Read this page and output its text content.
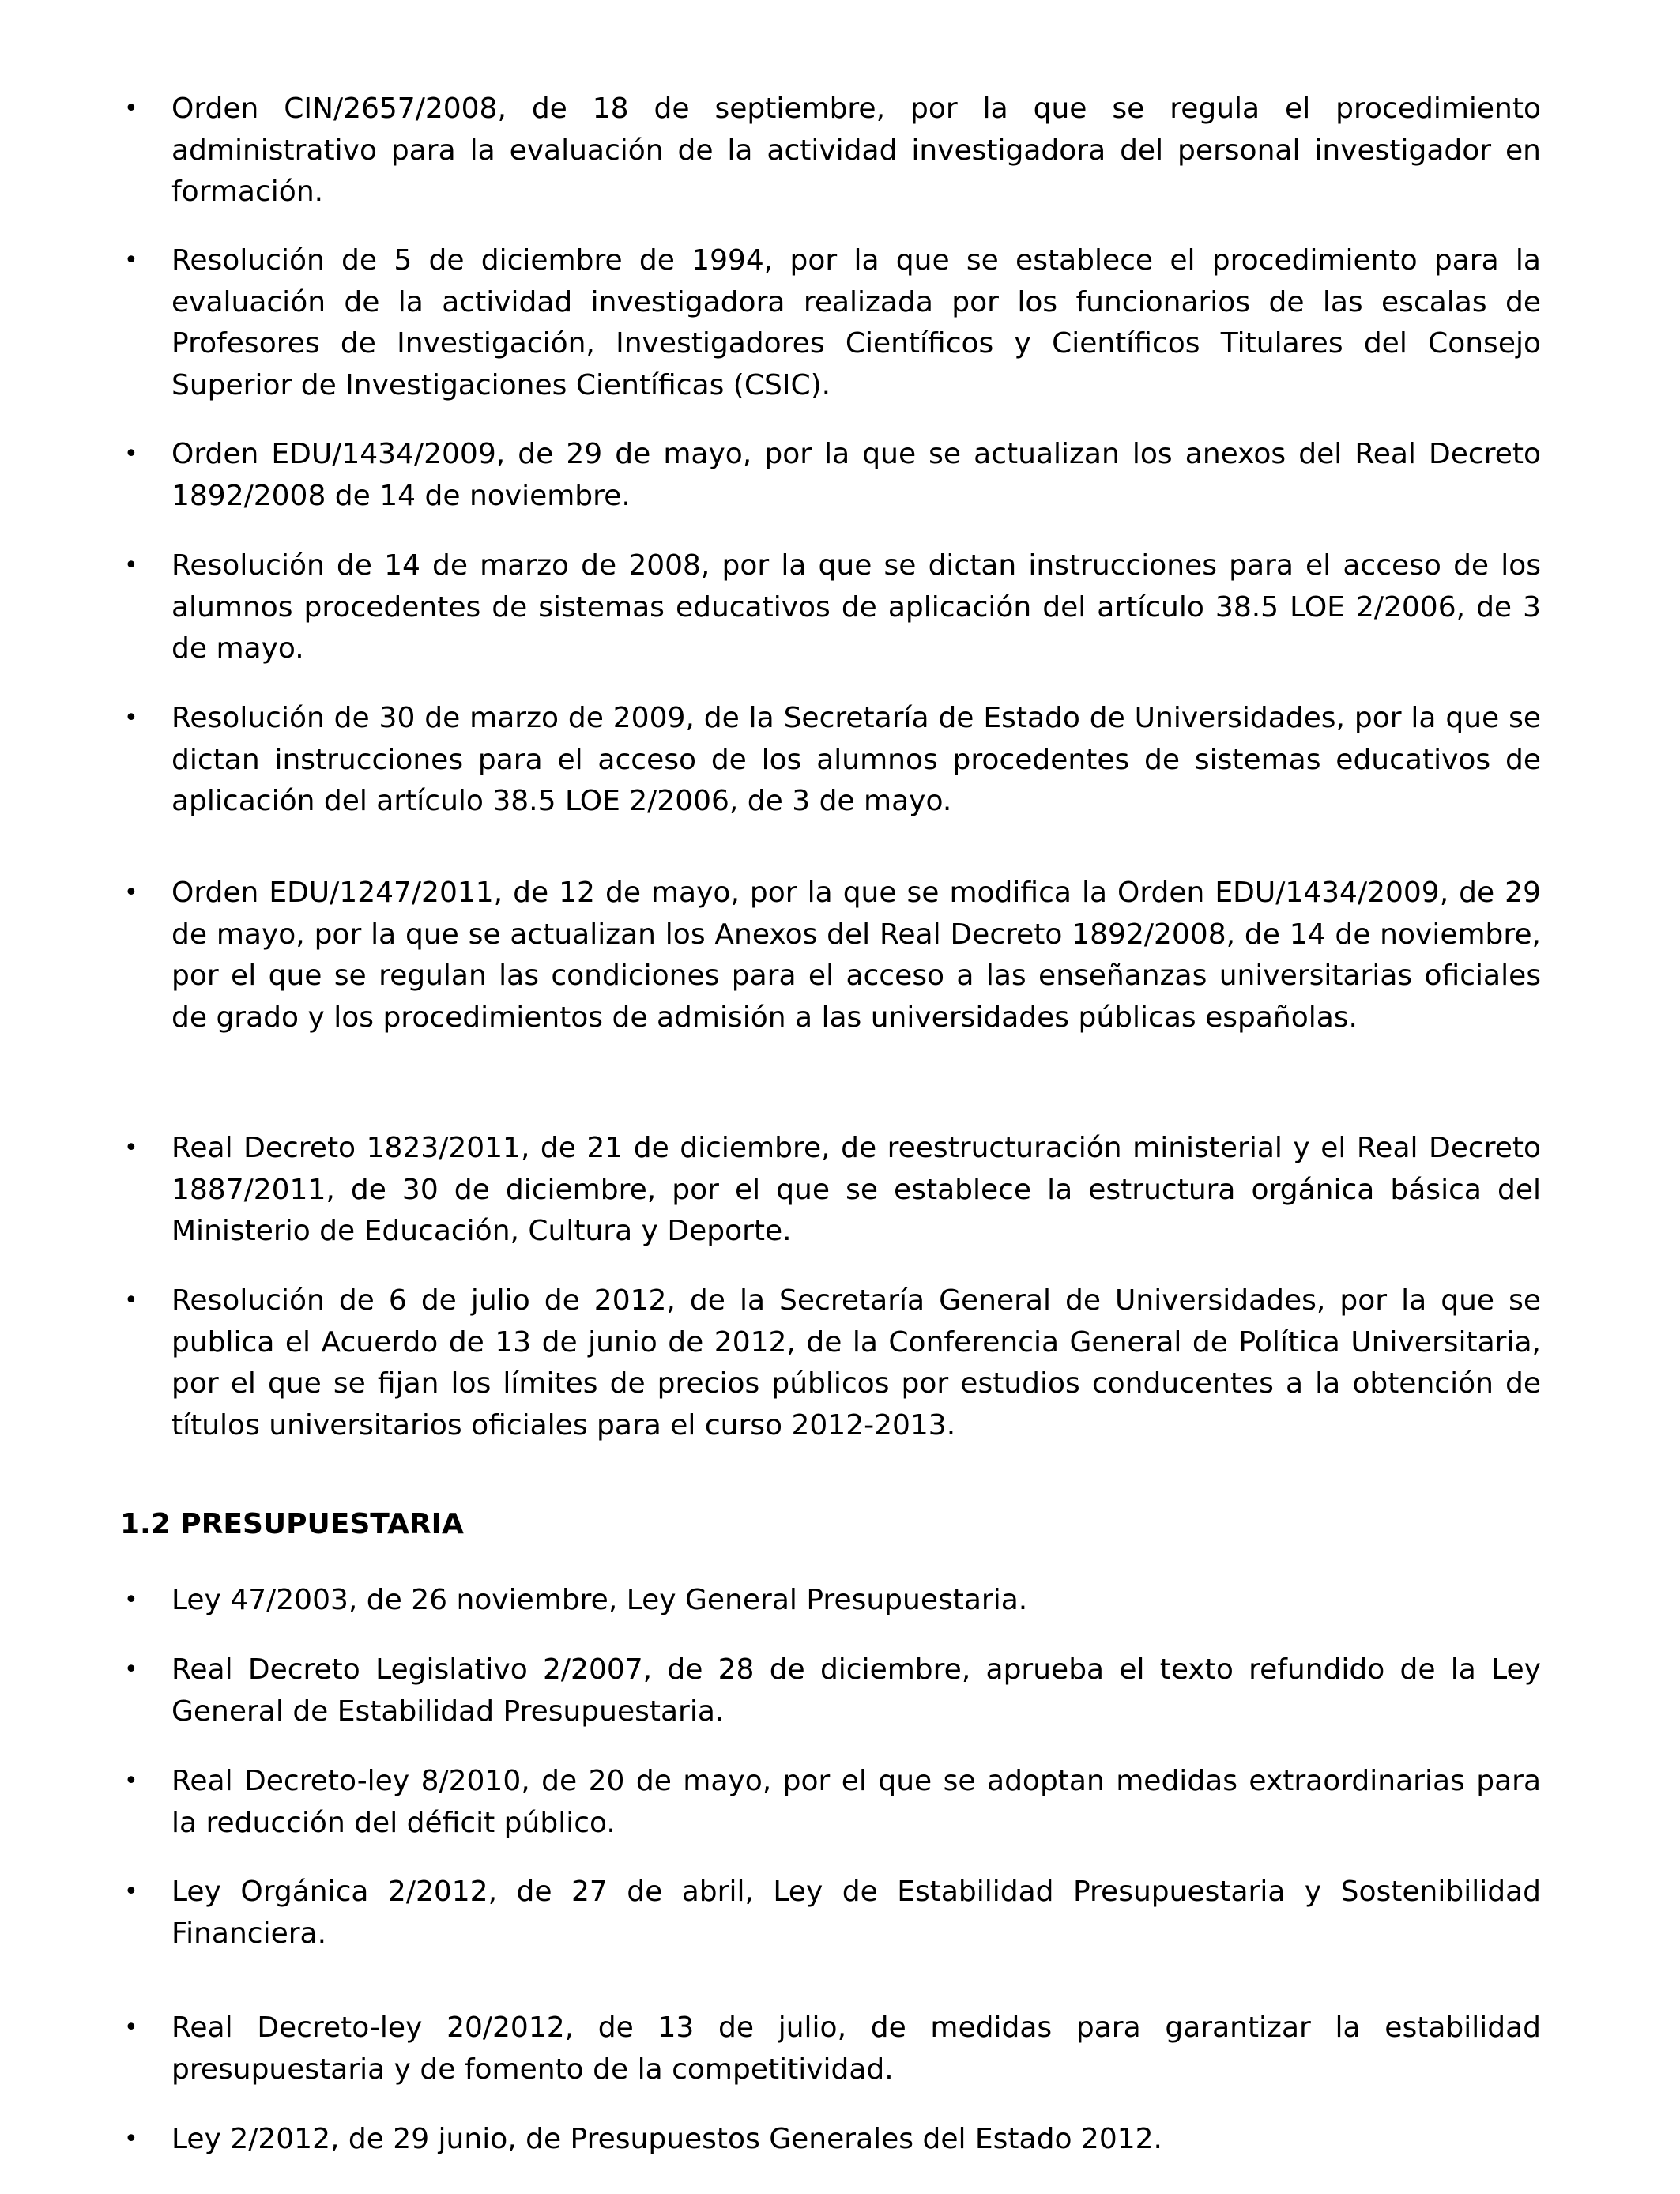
• Orden CIN/2657/2008, de 18 de septiembre, por la que se regula el procedimiento administrativo para la evaluación de la actividad investigadora del personal investigador en formación.
• Resolución de 5 de diciembre de 1994, por la que se establece el procedimiento para la evaluación de la actividad investigadora realizada por los funcionarios de las escalas de Profesores de Investigación, Investigadores Científicos y Científicos Titulares del Consejo Superior de Investigaciones Científicas (CSIC).
• Orden EDU/1434/2009, de 29 de mayo, por la que se actualizan los anexos del Real Decreto 1892/2008 de 14 de noviembre.
• Resolución de 14 de marzo de 2008, por la que se dictan instrucciones para el acceso de los alumnos procedentes de sistemas educativos de aplicación del artículo 38.5 LOE 2/2006, de 3 de mayo.
• Resolución de 30 de marzo de 2009, de la Secretaría de Estado de Universidades, por la que se dictan instrucciones para el acceso de los alumnos procedentes de sistemas educativos de aplicación del artículo 38.5 LOE 2/2006, de 3 de mayo.
• Orden EDU/1247/2011, de 12 de mayo, por la que se modifica la Orden EDU/1434/2009, de 29 de mayo, por la que se actualizan los Anexos del Real Decreto 1892/2008, de 14 de noviembre, por el que se regulan las condiciones para el acceso a las enseñanzas universitarias oficiales de grado y los procedimientos de admisión a las universidades públicas españolas.
• Real Decreto 1823/2011, de 21 de diciembre, de reestructuración ministerial y el Real Decreto 1887/2011, de 30 de diciembre, por el que se establece la estructura orgánica básica del Ministerio de Educación, Cultura y Deporte.
• Resolución de 6 de julio de 2012, de la Secretaría General de Universidades, por la que se publica el Acuerdo de 13 de junio de 2012, de la Conferencia General de Política Universitaria, por el que se fijan los límites de precios públicos por estudios conducentes a la obtención de títulos universitarios oficiales para el curso 2012-2013.
1.2 PRESUPUESTARIA
• Ley 47/2003, de 26 noviembre, Ley General Presupuestaria.
• Real Decreto Legislativo 2/2007, de 28 de diciembre, aprueba el texto refundido de la Ley General de Estabilidad Presupuestaria.
• Real Decreto-ley 8/2010, de 20 de mayo, por el que se adoptan medidas extraordinarias para la reducción del déficit público.
• Ley Orgánica 2/2012, de 27 de abril, Ley de Estabilidad Presupuestaria y Sostenibilidad Financiera.
• Real Decreto-ley 20/2012, de 13 de julio, de medidas para garantizar la estabilidad presupuestaria y de fomento de la competitividad.
• Ley 2/2012, de 29 junio, de Presupuestos Generales del Estado 2012.
